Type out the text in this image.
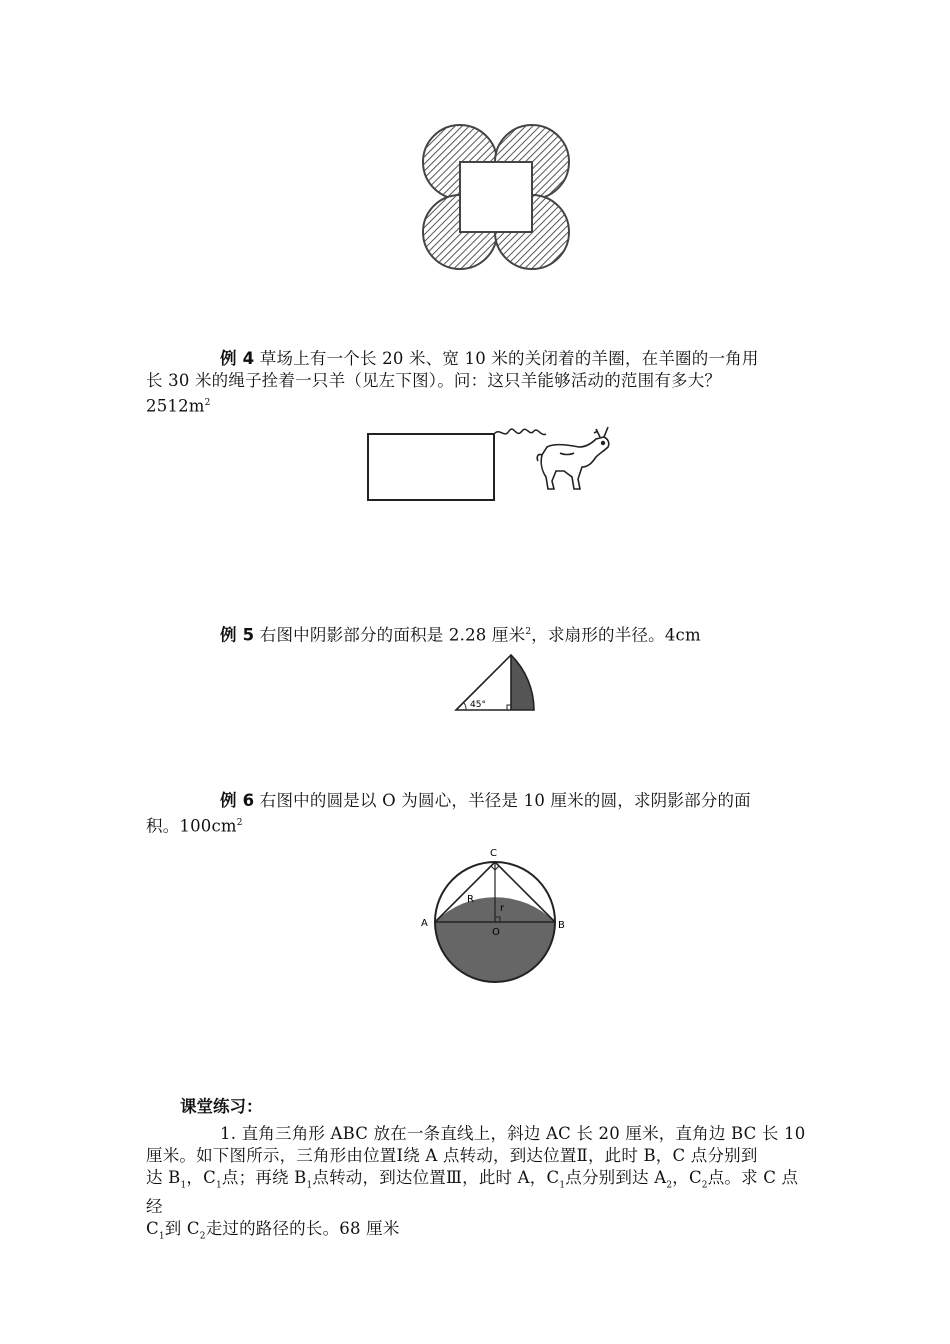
例 4 草场上有一个长 20 米、宽 10 米的关闭着的羊圈，在羊圈的一角用
长 30 米的绳子拴着一只羊（见左下图）。问：这只羊能够活动的范围有多大？
$2512m^2$
例 5 右图中阴影部分的面积是 2.28 厘米$^2$，求扇形的半径。4cm
45°
例 6 右图中的圆是以 O 为圆心，半径是 10 厘米的圆，求阴影部分的面
积。$100cm^2$
C
A	B
O
R
r
课堂练习：
1. 直角三角形 ABC 放在一条直线上，斜边 AC 长 20 厘米，直角边 BC 长 10
厘米。如下图所示，三角形由位置Ⅰ绕 A 点转动，到达位置Ⅱ，此时 B，C 点分别到
达 $B_1$，$C_1$点；再绕 $B_1$点转动，到达位置Ⅲ，此时 A，$C_1$点分别到达 $A_2$，$C_2$点。求 C 点经
$C_1$到 $C_2$走过的路径的长。68 厘米
